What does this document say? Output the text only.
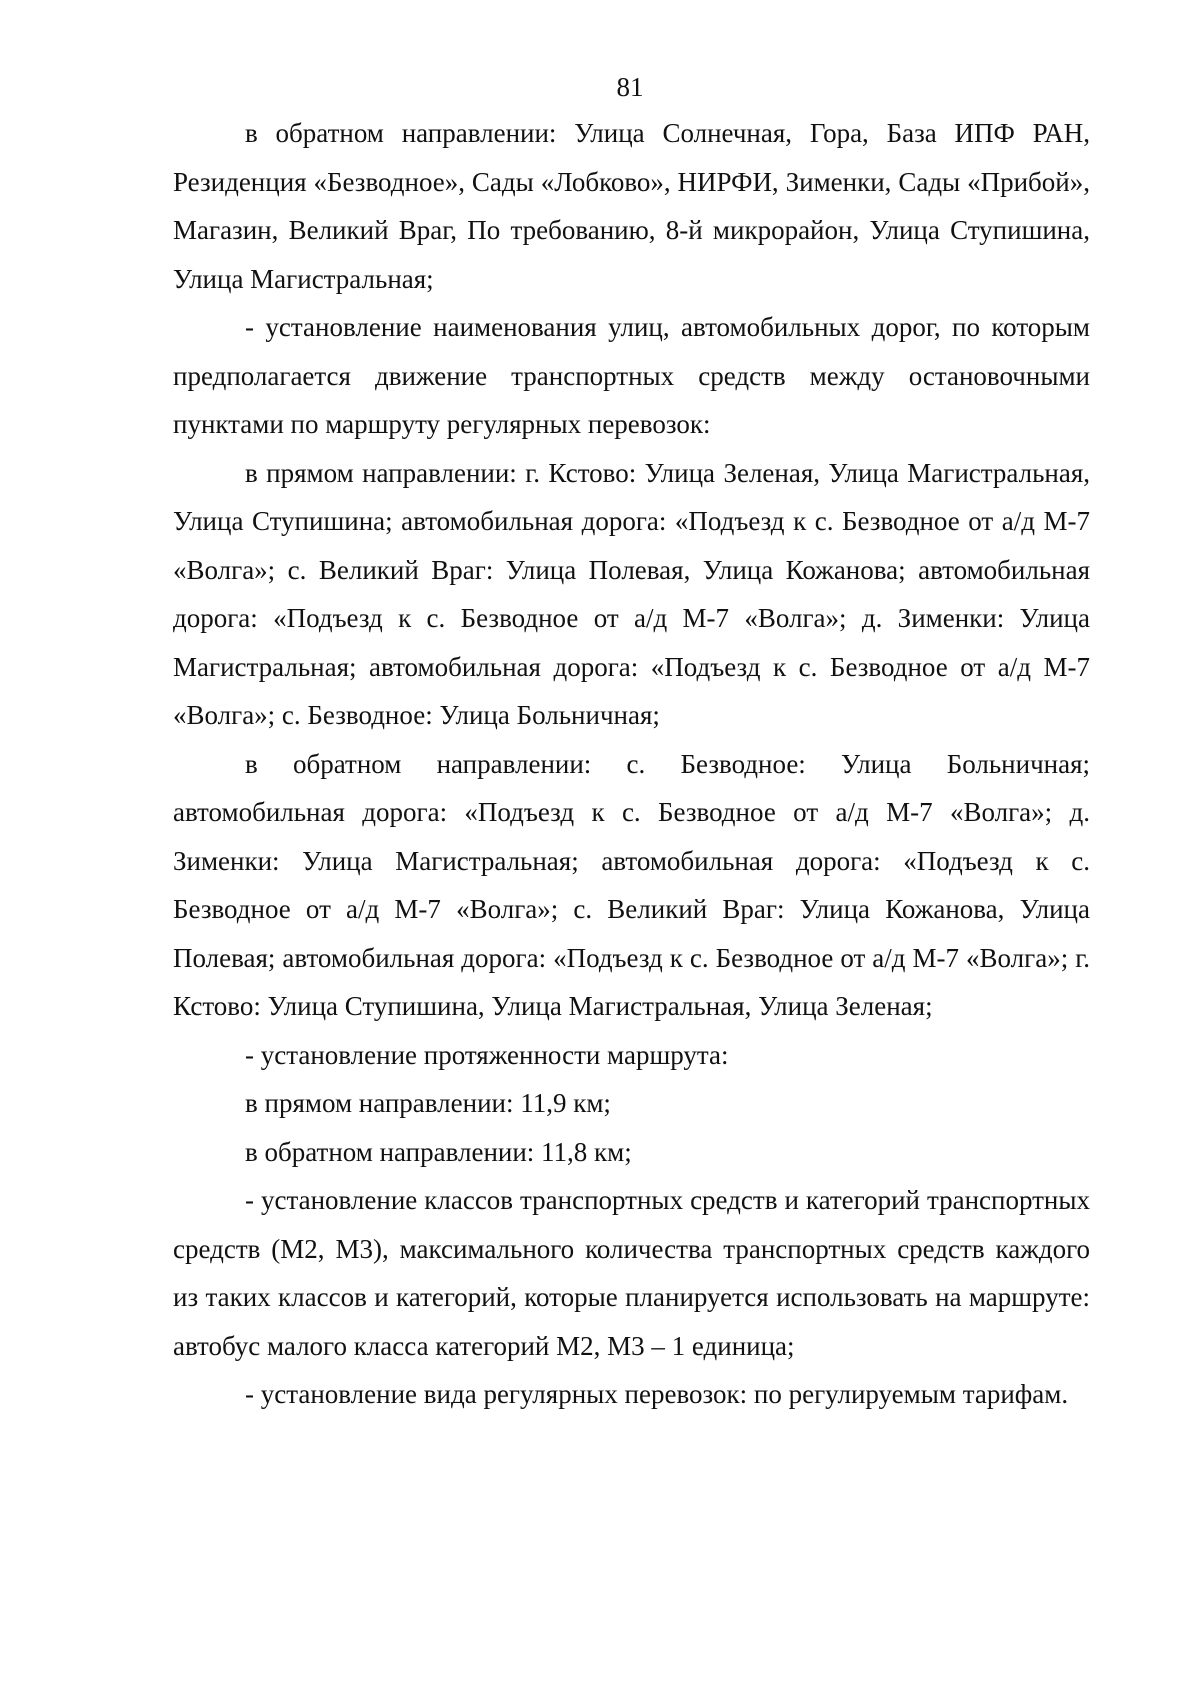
81

в обратном направлении: Улица Солнечная, Гора, База ИПФ РАН, Резиденция «Безводное», Сады «Лобково», НИРФИ, Зименки, Сады «Прибой», Магазин, Великий Враг, По требованию, 8-й микрорайон, Улица Ступишина, Улица Магистральная;

- установление наименования улиц, автомобильных дорог, по которым предполагается движение транспортных средств между остановочными пунктами по маршруту регулярных перевозок:

в прямом направлении: г. Кстово: Улица Зеленая, Улица Магистральная, Улица Ступишина; автомобильная дорога: «Подъезд к с. Безводное от а/д М-7 «Волга»; с. Великий Враг: Улица Полевая, Улица Кожанова; автомобильная дорога: «Подъезд к с. Безводное от а/д М-7 «Волга»; д. Зименки: Улица Магистральная; автомобильная дорога: «Подъезд к с. Безводное от а/д М-7 «Волга»; с. Безводное: Улица Больничная;

в обратном направлении: с. Безводное: Улица Больничная; автомобильная дорога: «Подъезд к с. Безводное от а/д М-7 «Волга»; д. Зименки: Улица Магистральная; автомобильная дорога: «Подъезд к с. Безводное от а/д М-7 «Волга»; с. Великий Враг: Улица Кожанова, Улица Полевая; автомобильная дорога: «Подъезд к с. Безводное от а/д М-7 «Волга»; г. Кстово: Улица Ступишина, Улица Магистральная, Улица Зеленая;

- установление протяженности маршрута:

в прямом направлении: 11,9 км;

в обратном направлении: 11,8 км;

- установление классов транспортных средств и категорий транспортных средств (М2, М3), максимального количества транспортных средств каждого из таких классов и категорий, которые планируется использовать на маршруте: автобус малого класса категорий М2, М3 – 1 единица;

- установление вида регулярных перевозок: по регулируемым тарифам.
